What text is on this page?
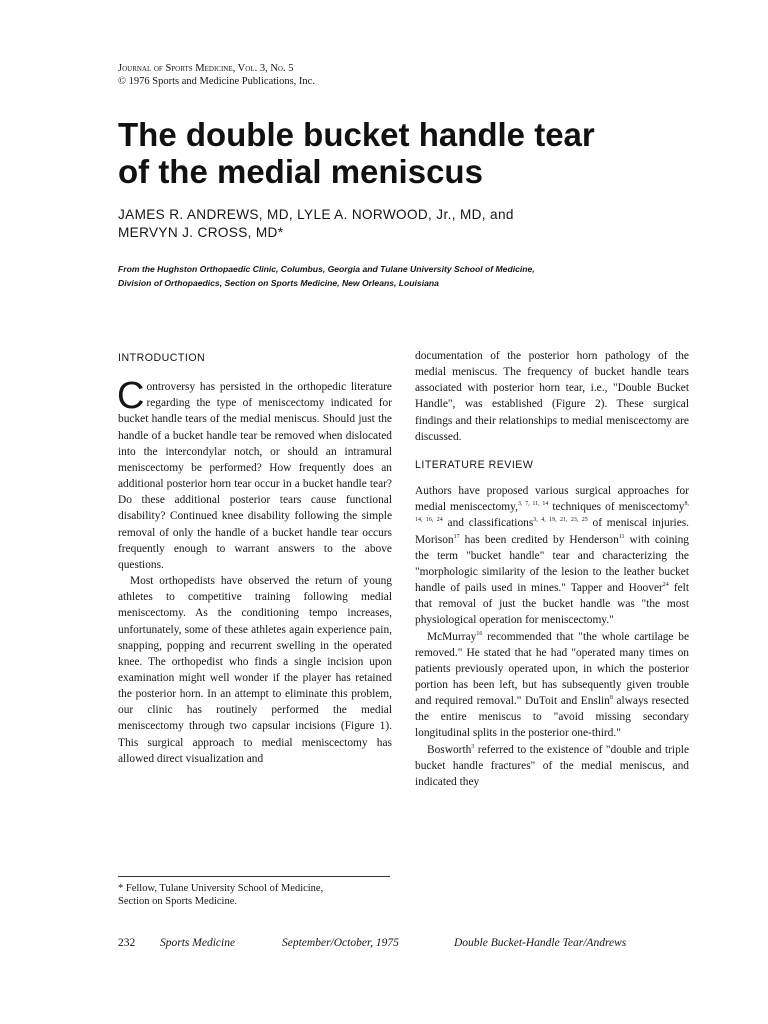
Journal of Sports Medicine, Vol. 3, No. 5
© 1976 Sports and Medicine Publications, Inc.
The double bucket handle tear
of the medial meniscus
JAMES R. ANDREWS, MD, LYLE A. NORWOOD, Jr., MD, and
MERVYN J. CROSS, MD*
From the Hughston Orthopaedic Clinic, Columbus, Georgia and Tulane University School of Medicine,
Division of Orthopaedics, Section on Sports Medicine, New Orleans, Louisiana
INTRODUCTION

Controversy has persisted in the orthopedic literature regarding the type of meniscectomy indicated for bucket handle tears of the medial meniscus. Should just the handle of a bucket handle tear be removed when dislocated into the intercondylar notch, or should an intramural meniscectomy be performed? How frequently does an additional posterior horn tear occur in a bucket handle tear? Do these additional posterior tears cause functional disability? Continued knee disability following the simple removal of only the handle of a bucket handle tear occurs frequently enough to warrant answers to the above questions.

Most orthopedists have observed the return of young athletes to competitive training following medial meniscectomy. As the conditioning tempo increases, unfortunately, some of these athletes again experience pain, snapping, popping and recurrent swelling in the operated knee. The orthopedist who finds a single incision upon examination might well wonder if the player has retained the posterior horn. In an attempt to eliminate this problem, our clinic has routinely performed the medial meniscectomy through two capsular incisions (Figure 1). This surgical approach to medial meniscectomy has allowed direct visualization and

documentation of the posterior horn pathology of the medial meniscus. The frequency of bucket handle tears associated with posterior horn tear, i.e., "Double Bucket Handle", was established (Figure 2). These surgical findings and their relationships to medial meniscectomy are discussed.

LITERATURE REVIEW

Authors have proposed various surgical approaches for medial meniscectomy,$^{3, 7, 11, 14}$ techniques of meniscectomy$^{8, 14, 16, 24}$ and classifications$^{3, 4, 19, 21, 23, 25}$ of meniscal injuries. Morison$^{17}$ has been credited by Henderson$^{11}$ with coining the term "bucket handle" tear and characterizing the "morphologic similarity of the lesion to the leather bucket handle of pails used in mines." Tapper and Hoover$^{24}$ felt that removal of just the bucket handle was "the most physiological operation for meniscectomy."

McMurray$^{16}$ recommended that "the whole cartilage be removed." He stated that he had "operated many times on patients previously operated upon, in which the posterior portion has been left, but has subsequently given trouble and required removal." DuToit and Enslin$^8$ always resected the entire meniscus to "avoid missing secondary longitudinal splits in the posterior one-third."

Bosworth$^3$ referred to the existence of "double and triple bucket handle fractures" of the medial meniscus, and indicated they

* Fellow, Tulane University School of Medicine,
Section on Sports Medicine.
232 Sports Medicine	September/October, 1975	Double Bucket-Handle Tear/Andrews
